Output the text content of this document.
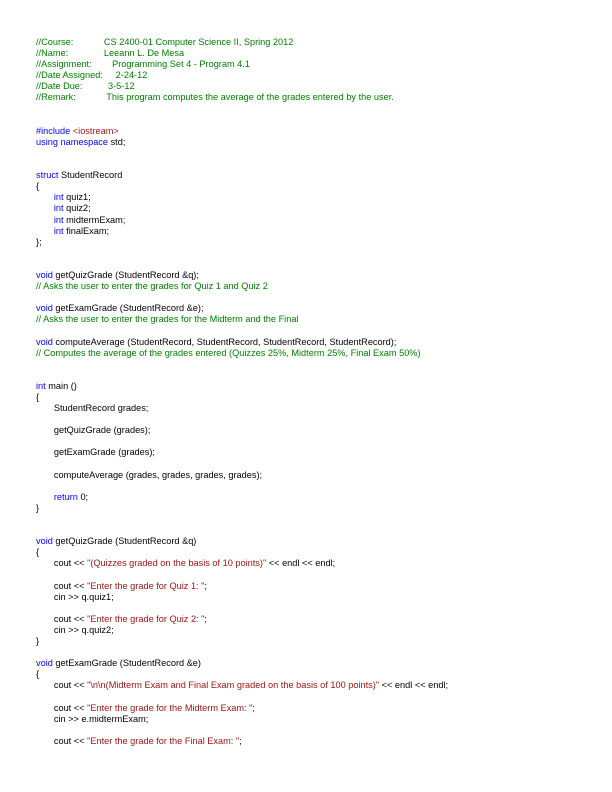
//Course:            CS 2400-01 Computer Science II, Spring 2012
//Name:              Leeann L. De Mesa
//Assignment:        Programming Set 4 - Program 4.1
//Date Assigned:     2-24-12
//Date Due:          3-5-12
//Remark:            This program computes the average of the grades entered by the user.
#include <iostream>
using namespace std;
struct StudentRecord
{
int quiz1;
int quiz2;
int midtermExam;
int finalExam;
};
void getQuizGrade (StudentRecord &q);
// Asks the user to enter the grades for Quiz 1 and Quiz 2
void getExamGrade (StudentRecord &e);
// Asks the user to enter the grades for the Midterm and the Final
void computeAverage (StudentRecord, StudentRecord, StudentRecord, StudentRecord);
// Computes the average of the grades entered (Quizzes 25%, Midterm 25%, Final Exam 50%)
int main ()
{
StudentRecord grades;
getQuizGrade (grades);
getExamGrade (grades);
computeAverage (grades, grades, grades, grades);
return 0;
}
void getQuizGrade (StudentRecord &q)
{
cout << "(Quizzes graded on the basis of 10 points)" << endl << endl;
cout << "Enter the grade for Quiz 1: ";
cin >> q.quiz1;
cout << "Enter the grade for Quiz 2: ";
cin >> q.quiz2;
}
void getExamGrade (StudentRecord &e)
{
cout << "\n\n(Midterm Exam and Final Exam graded on the basis of 100 points)" << endl << endl;
cout << "Enter the grade for the Midterm Exam: ";
cin >> e.midtermExam;
cout << "Enter the grade for the Final Exam: ";
